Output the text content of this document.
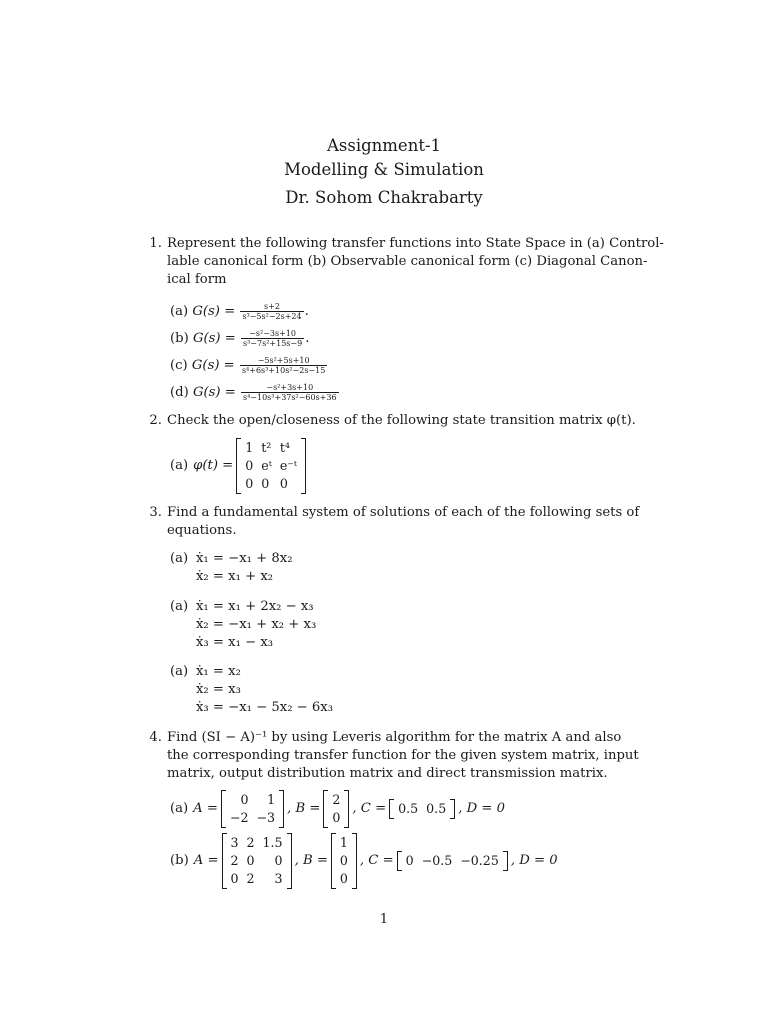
Assignment-1
Modelling & Simulation
Dr. Sohom Chakrabarty
1. Represent the following transfer functions into State Space in (a) Control-
lable canonical form (b) Observable canonical form (c) Diagonal Canon-
ical form
(a) $G(s) = \frac{s+2}{\text{s³−5s²−2s+24}}$ .
(b) $G(s) = \frac{\text{−s²−3s+10}}{\text{s³−7s²+15s−9}}$ .
(c) $G(s) = \frac{\text{−5s²+5s+10}}{\text{s⁴+6s³+10s²−2s−15}}$
(d) $G(s) = \frac{\text{−s²+3s+10}}{\text{s⁴−10s³+37s²−60s+36}}$
2. Check the open/closeness of the following state transition matrix φ(t).
(a) φ(t) =
1	t²	t⁴
0	eᵗ	e⁻ᵗ
0	0	0
3. Find a fundamental system of solutions of each of the following sets of
equations.
(a) ẋ₁ = −x₁ + 8x₂
ẋ₂ = x₁ + x₂
(a) ẋ₁ = x₁ + 2x₂ − x₃
ẋ₂ = −x₁ + x₂ + x₃
ẋ₃ = x₁ − x₃
(a) ẋ₁ = x₂
ẋ₂ = x₃
ẋ₃ = −x₁ − 5x₂ − 6x₃
4. Find (SI − A)⁻¹ by using Leveris algorithm for the matrix A and also
the corresponding transfer function for the given system matrix, input
matrix, output distribution matrix and direct transmission matrix.
(a) A =
0	1
−2	−3
, B =
2
0
, C = 0.5	0.5 , D = 0
(b) A =
3	2	1.5
2	0	0
0	2	3
, B =
1
0
0
, C = 0	−0.5	−0.25 , D = 0
1
